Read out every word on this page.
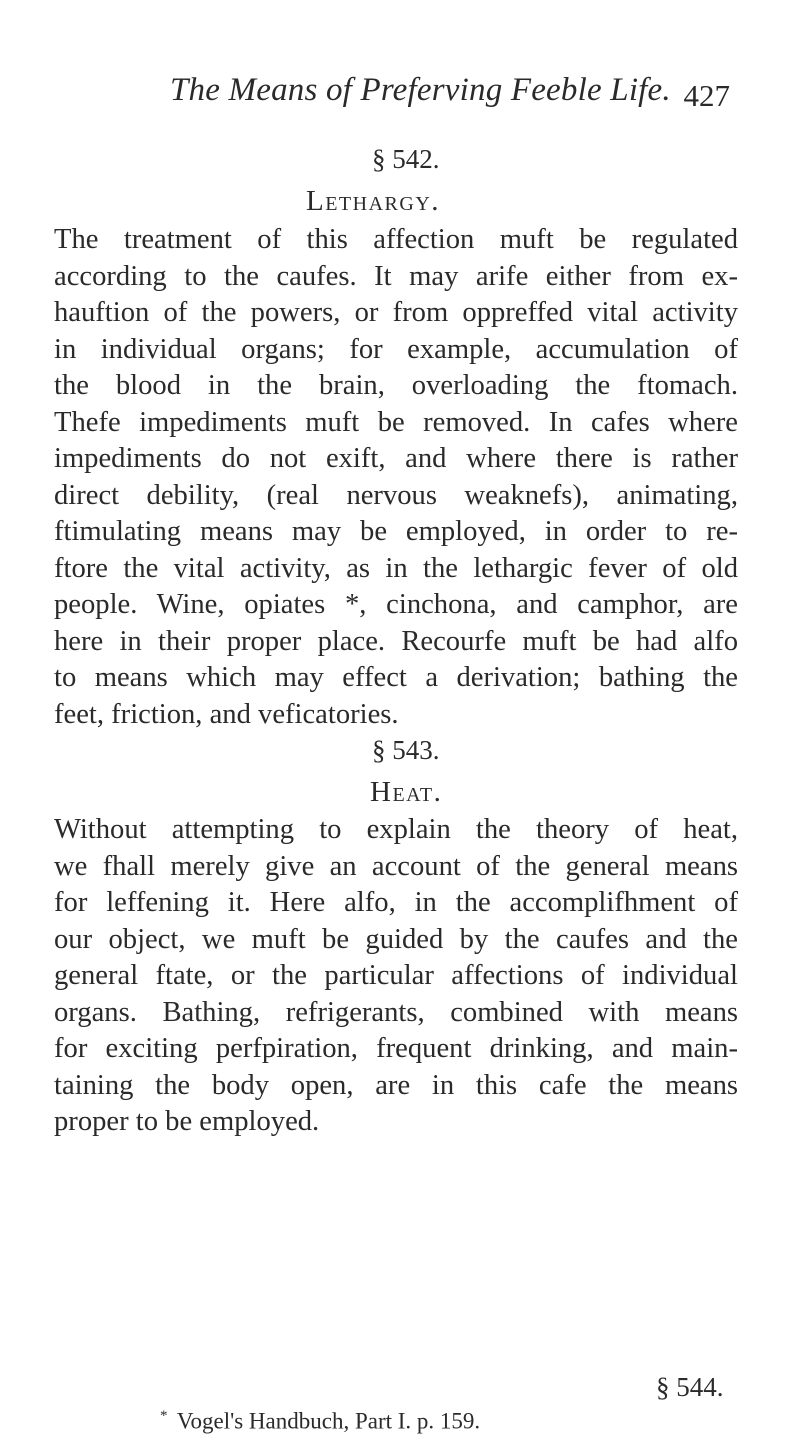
The Means of Preferving Feeble Life. 427
§ 542.
Lethargy.
The treatment of this affection muft be regulated
according to the caufes. It may arife either from ex-
hauftion of the powers, or from oppreffed vital activity
in individual organs; for example, accumulation of
the blood in the brain, overloading the ftomach.
Thefe impediments muft be removed. In cafes where
impediments do not exift, and where there is rather
direct debility, (real nervous weaknefs), animating,
ftimulating means may be employed, in order to re-
ftore the vital activity, as in the lethargic fever of old
people. Wine, opiates *, cinchona, and camphor, are
here in their proper place. Recourfe muft be had alfo
to means which may effect a derivation; bathing the
feet, friction, and veficatories.
§ 543.
Heat.
Without attempting to explain the theory of heat,
we fhall merely give an account of the general means
for leffening it. Here alfo, in the accomplifhment of
our object, we muft be guided by the caufes and the
general ftate, or the particular affections of individual
organs. Bathing, refrigerants, combined with means
for exciting perfpiration, frequent drinking, and main-
taining the body open, are in this cafe the means
proper to be employed.
§ 544.
* Vogel's Handbuch, Part I. p. 159.
